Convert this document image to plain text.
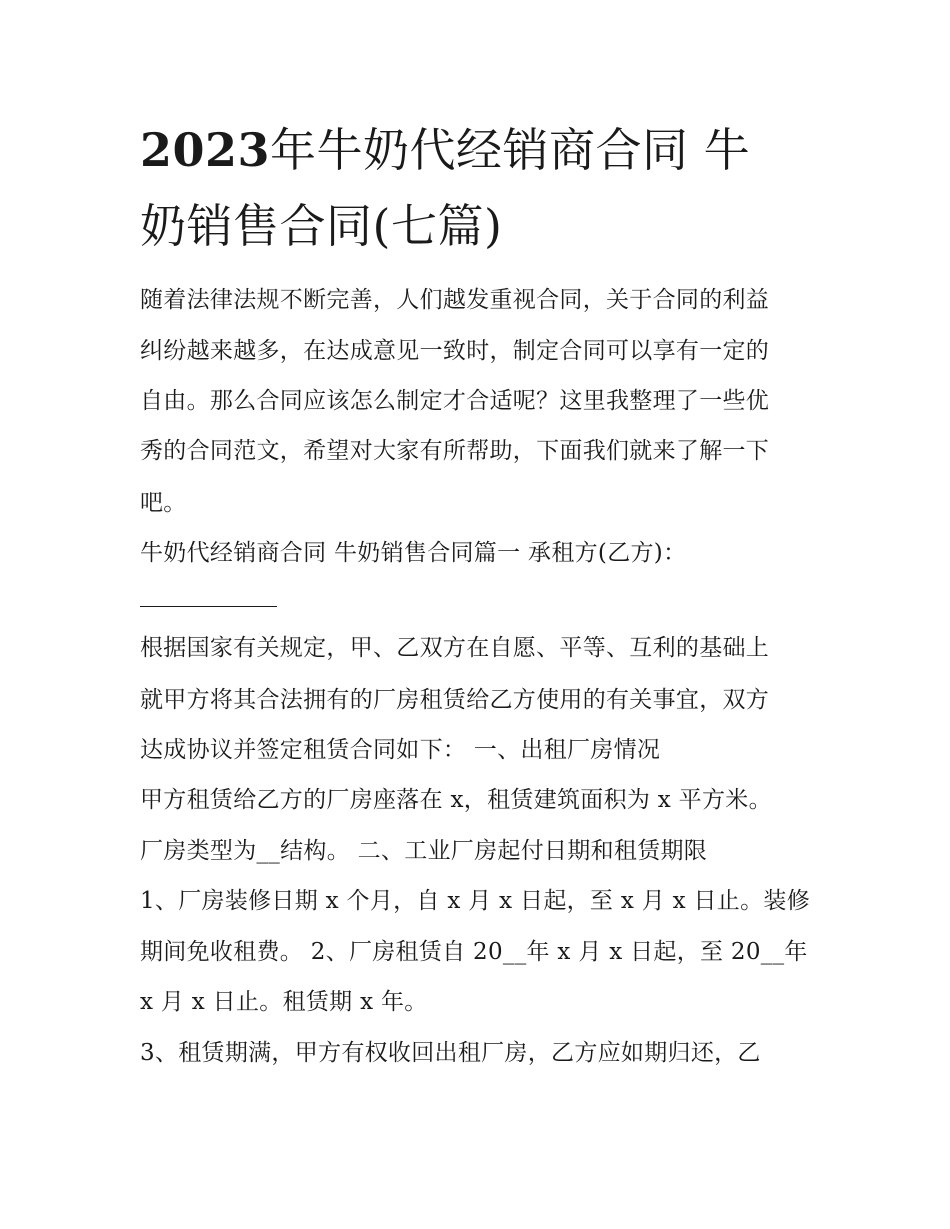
2023年牛奶代经销商合同 牛
奶销售合同(七篇)

随着法律法规不断完善，人们越发重视合同，关于合同的利益

纠纷越来越多，在达成意见一致时，制定合同可以享有一定的

自由。那么合同应该怎么制定才合适呢？这里我整理了一些优

秀的合同范文，希望对大家有所帮助，下面我们就来了解一下

吧。

牛奶代经销商合同 牛奶销售合同篇一 承租方(乙方)：

根据国家有关规定，甲、乙双方在自愿、平等、互利的基础上

就甲方将其合法拥有的厂房租赁给乙方使用的有关事宜，双方

达成协议并签定租赁合同如下： 一、出租厂房情况

甲方租赁给乙方的厂房座落在 x，租赁建筑面积为 x 平方米。

厂房类型为__结构。 二、工业厂房起付日期和租赁期限

1、厂房装修日期 x 个月，自 x 月 x 日起，至 x 月 x 日止。装修

期间免收租费。 2、厂房租赁自 20__年 x 月 x 日起，至 20__年

x 月 x 日止。租赁期 x 年。

3、租赁期满，甲方有权收回出租厂房，乙方应如期归还，乙
